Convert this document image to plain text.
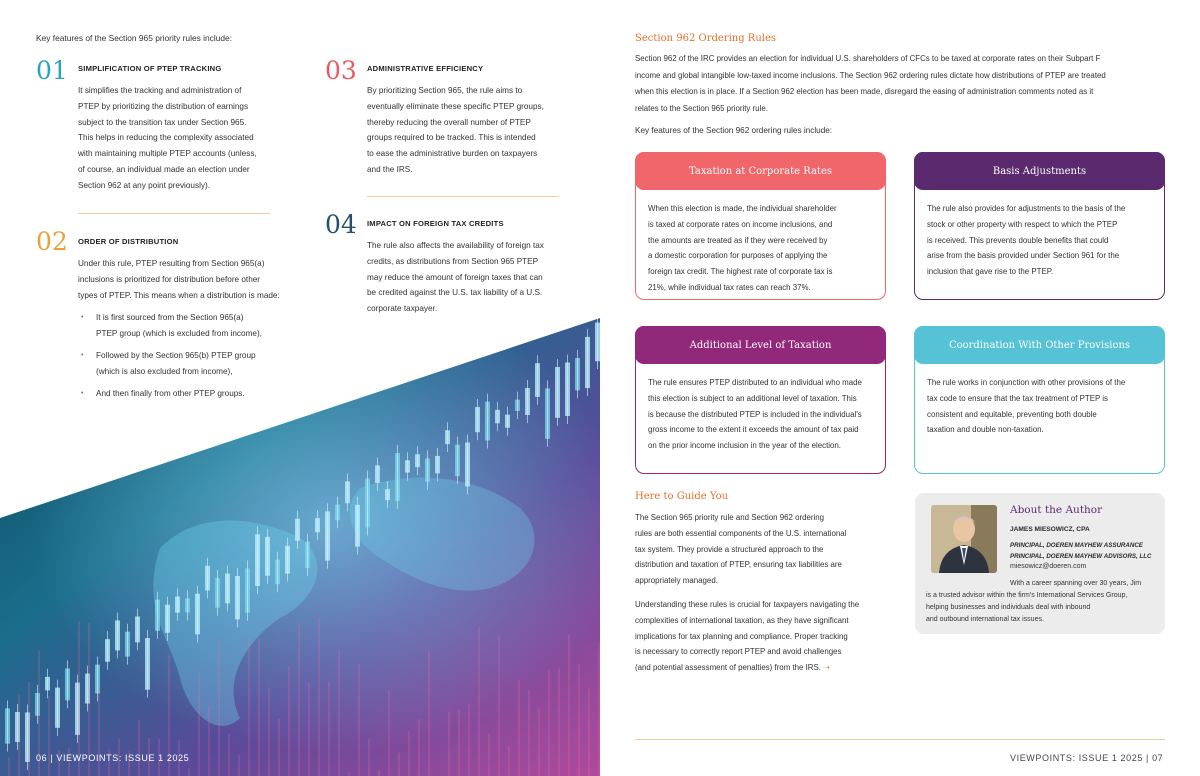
Key features of the Section 965 priority rules include:
01 SIMPLIFICATION OF PTEP TRACKING
It simplifies the tracking and administration of
PTEP by prioritizing the distribution of earnings
subject to the transition tax under Section 965.
This helps in reducing the complexity associated
with maintaining multiple PTEP accounts (unless,
of course, an individual made an election under
Section 962 at any point previously).
02 ORDER OF DISTRIBUTION
Under this rule, PTEP resulting from Section 965(a)
inclusions is prioritized for distribution before other
types of PTEP. This means when a distribution is made:
• It is first sourced from the Section 965(a)
PTEP group (which is excluded from income),
• Followed by the Section 965(b) PTEP group
(which is also excluded from income),
• And then finally from other PTEP groups.
03 ADMINISTRATIVE EFFICIENCY
By prioritizing Section 965, the rule aims to
eventually eliminate these specific PTEP groups,
thereby reducing the overall number of PTEP
groups required to be tracked. This is intended
to ease the administrative burden on taxpayers
and the IRS.
04 IMPACT ON FOREIGN TAX CREDITS
The rule also affects the availability of foreign tax
credits, as distributions from Section 965 PTEP
may reduce the amount of foreign taxes that can
be credited against the U.S. tax liability of a U.S.
corporate taxpayer.
06 | VIEWPOINTS: ISSUE 1 2025
Section 962 Ordering Rules
Section 962 of the IRC provides an election for individual U.S. shareholders of CFCs to be taxed at corporate rates on their Subpart F
income and global intangible low-taxed income inclusions. The Section 962 ordering rules dictate how distributions of PTEP are treated
when this election is in place. If a Section 962 election has been made, disregard the easing of administration comments noted as it
relates to the Section 965 priority rule.
Key features of the Section 962 ordering rules include:
Taxation at Corporate Rates

When this election is made, the individual shareholder

is taxed at corporate rates on income inclusions, and

the amounts are treated as if they were received by

a domestic corporation for purposes of applying the

foreign tax credit. The highest rate of corporate tax is

21%, while individual tax rates can reach 37%.

Basis Adjustments

The rule also provides for adjustments to the basis of the

stock or other property with respect to which the PTEP

is received. This prevents double benefits that could

arise from the basis provided under Section 961 for the

inclusion that gave rise to the PTEP.

Additional Level of Taxation

The rule ensures PTEP distributed to an individual who made

this election is subject to an additional level of taxation. This

is because the distributed PTEP is included in the individual's

gross income to the extent it exceeds the amount of tax paid

on the prior income inclusion in the year of the election.

Coordination With Other Provisions

The rule works in conjunction with other provisions of the

tax code to ensure that the tax treatment of PTEP is

consistent and equitable, preventing both double

taxation and double non-taxation.

Here to Guide You
The Section 965 priority rule and Section 962 ordering
rules are both essential components of the U.S. international
tax system. They provide a structured approach to the
distribution and taxation of PTEP, ensuring tax liabilities are
appropriately managed.
Understanding these rules is crucial for taxpayers navigating the
complexities of international taxation, as they have significant
implications for tax planning and compliance. Proper tracking
is necessary to correctly report PTEP and avoid challenges
(and potential assessment of penalties) from the IRS. ➝
About the Author
JAMES MIESOWICZ, CPA
PRINCIPAL, DOEREN MAYHEW ASSURANCE
PRINCIPAL, DOEREN MAYHEW ADVISORS, LLC
miesowicz@doeren.com
With a career spanning over 30 years, Jim
is a trusted advisor within the firm's International Services Group,
helping businesses and individuals deal with inbound
and outbound international tax issues.
VIEWPOINTS: ISSUE 1 2025 | 07
